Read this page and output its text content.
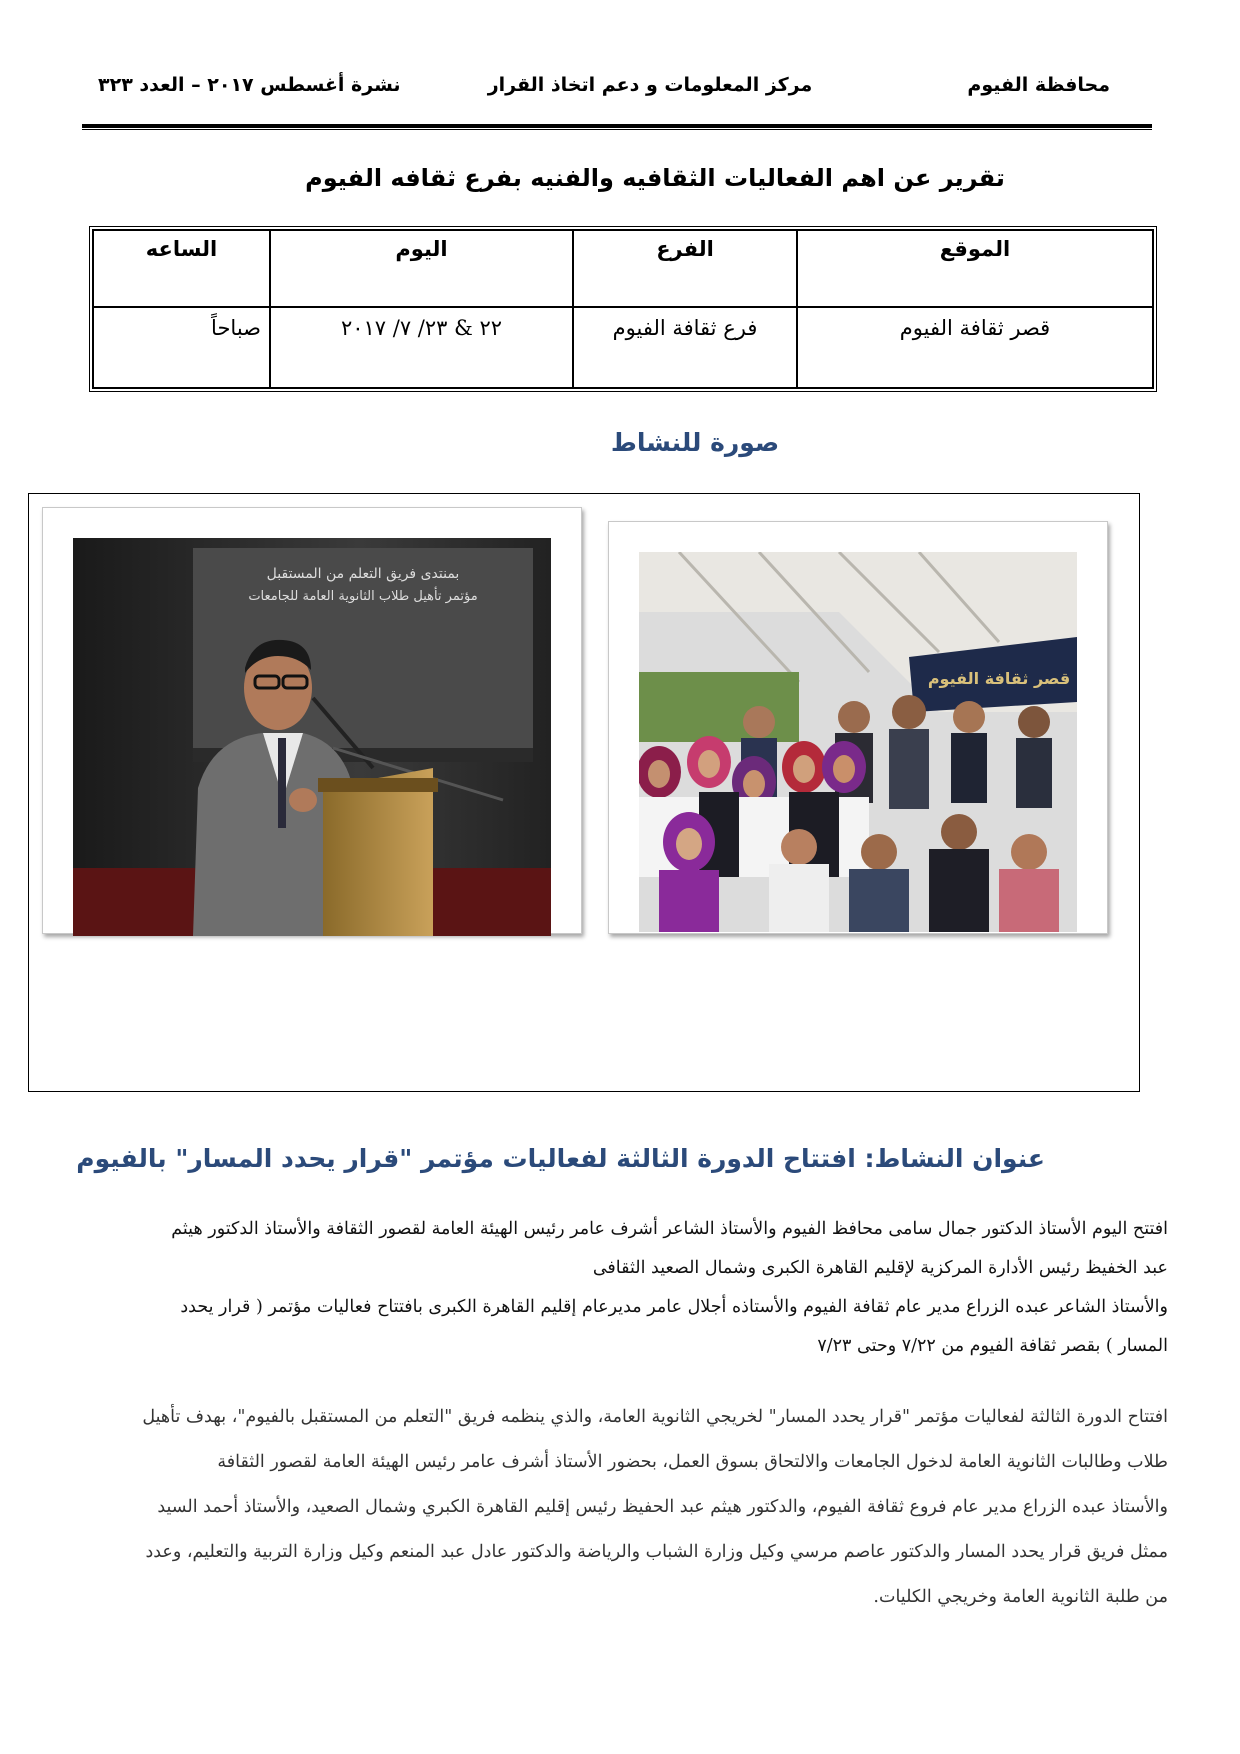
محافظة الفيوم
مركز المعلومات و دعم اتخاذ القرار
نشرة أغسطس ٢٠١٧ – العدد ٣٢٣
تقرير عن اهم الفعاليات الثقافيه والفنيه بفرع ثقافه الفيوم
الموقع	الفرع	اليوم	الساعه
قصر ثقافة الفيوم	فرع ثقافة الفيوم	٢٢ & ٢٣/ ٧/ ٢٠١٧	صباحاً
صورة للنشاط
بمنتدى فريق التعلم من المستقبل
مؤتمر تأهيل طلاب الثانوية العامة للجامعات
قصر ثقافة الفيوم
عنوان النشاط: افتتاح الدورة الثالثة لفعاليات مؤتمر "قرار يحدد المسار" بالفيوم
افتتح اليوم الأستاذ الدكتور جمال سامى محافظ الفيوم والأستاذ الشاعر أشرف عامر رئيس الهيئة العامة لقصور الثقافة والأستاذ الدكتور هيثم
عبد الخفيظ رئيس الأدارة المركزية لإقليم القاهرة الكبرى وشمال الصعيد الثقافى
والأستاذ الشاعر عبده الزراع مدير عام ثقافة الفيوم والأستاذه أجلال عامر مديرعام إقليم القاهرة الكبرى بافتتاح فعاليات مؤتمر ( قرار يحدد
المسار ) بقصر ثقافة الفيوم من ٧/٢٢ وحتى ٧/٢٣
افتتاح الدورة الثالثة لفعاليات مؤتمر "قرار يحدد المسار" لخريجي الثانوية العامة، والذي ينظمه فريق "التعلم من المستقبل بالفيوم"، بهدف تأهيل
طلاب وطالبات الثانوية العامة لدخول الجامعات والالتحاق بسوق العمل، بحضور الأستاذ أشرف عامر رئيس الهيئة العامة لقصور الثقافة
والأستاذ عبده الزراع مدير عام فروع ثقافة الفيوم، والدكتور هيثم عبد الحفيظ رئيس إقليم القاهرة الكبري وشمال الصعيد، والأستاذ أحمد السيد
ممثل فريق قرار يحدد المسار والدكتور عاصم مرسي وكيل وزارة الشباب والرياضة والدكتور عادل عبد المنعم وكيل وزارة التربية والتعليم، وعدد
من طلبة الثانوية العامة وخريجي الكليات.
